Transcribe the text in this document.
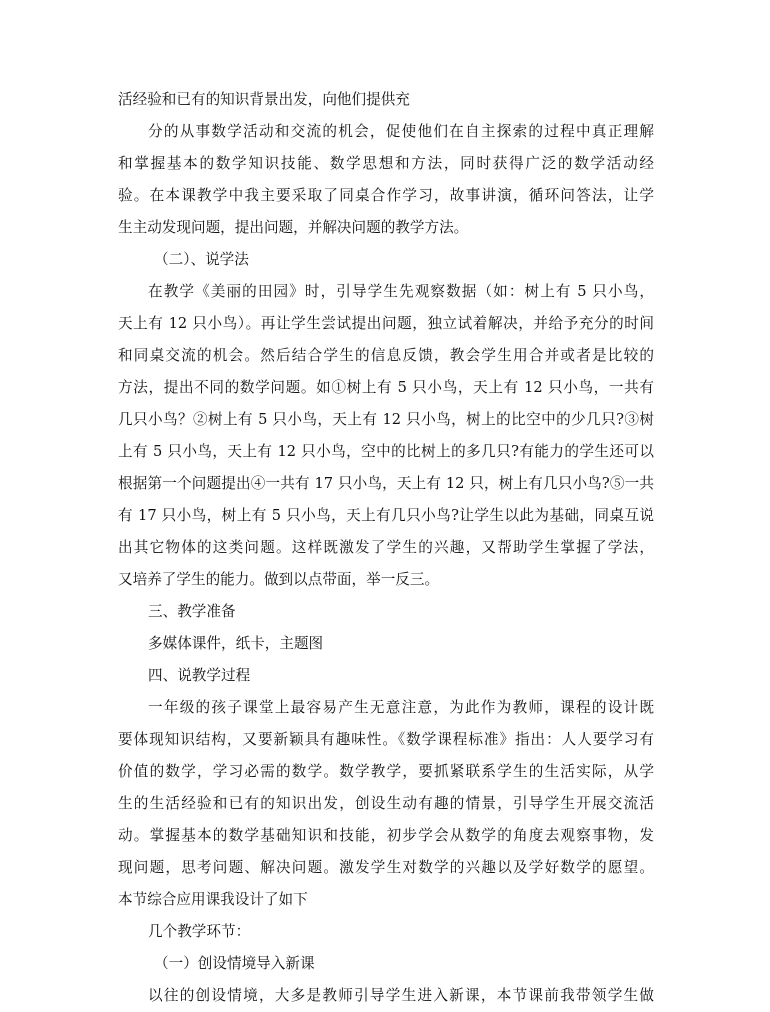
活经验和已有的知识背景出发，向他们提供充
分的从事数学活动和交流的机会，促使他们在自主探索的过程中真正理解
和掌握基本的数学知识技能、数学思想和方法，同时获得广泛的数学活动经
验。在本课教学中我主要采取了同桌合作学习，故事讲演，循环问答法，让学
生主动发现问题，提出问题，并解决问题的教学方法。
（二）、说学法
在教学《美丽的田园》时，引导学生先观察数据（如：树上有 5 只小鸟，
天上有 12 只小鸟）。再让学生尝试提出问题，独立试着解决，并给予充分的时间
和同桌交流的机会。然后结合学生的信息反馈，教会学生用合并或者是比较的
方法，提出不同的数学问题。如①树上有 5 只小鸟，天上有 12 只小鸟，一共有
几只小鸟？②树上有 5 只小鸟，天上有 12 只小鸟，树上的比空中的少几只?③树
上有 5 只小鸟，天上有 12 只小鸟，空中的比树上的多几只?有能力的学生还可以
根据第一个问题提出④一共有 17 只小鸟，天上有 12 只，树上有几只小鸟?⑤一共
有 17 只小鸟，树上有 5 只小鸟，天上有几只小鸟?让学生以此为基础，同桌互说
出其它物体的这类问题。这样既激发了学生的兴趣，又帮助学生掌握了学法，
又培养了学生的能力。做到以点带面，举一反三。
三、教学准备
多媒体课件，纸卡，主题图
四、说教学过程
一年级的孩子课堂上最容易产生无意注意，为此作为教师，课程的设计既
要体现知识结构，又要新颖具有趣味性。《数学课程标准》指出：人人要学习有
价值的数学，学习必需的数学。数学教学，要抓紧联系学生的生活实际，从学
生的生活经验和已有的知识出发，创设生动有趣的情景，引导学生开展交流活
动。掌握基本的数学基础知识和技能，初步学会从数学的角度去观察事物，发
现问题，思考问题、解决问题。激发学生对数学的兴趣以及学好数学的愿望。
本节综合应用课我设计了如下
几个教学环节：
（一）创设情境导入新课
以往的创设情境，大多是教师引导学生进入新课，本节课前我带领学生做
